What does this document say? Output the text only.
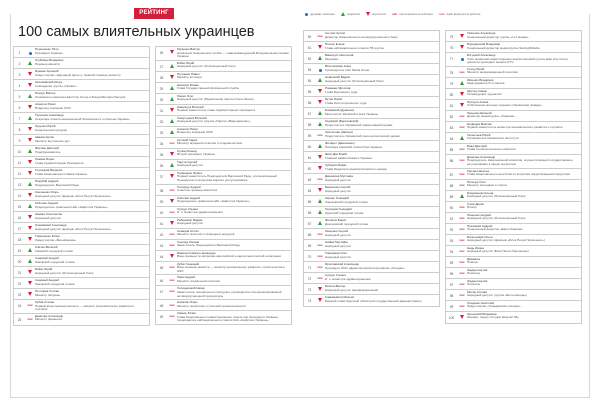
РЕЙТИНГ
100 самых влиятельных украинцев
удержал позицию	поднялся	опустился new new впервые в рейтинге back back вернулся в рейтинг
1
Порошенко Пётр
Президент Украины
2
Гройсман Владимир
Премьер-министр
3
Яценюк Арсений
Лидер партии «Народный фронт», бывший премьер-министр
4
Коломойский Игорь
Совладелец группы «Приват»
5
Пинчук Виктор
Основатель компании East One Group и Фонда Виктора Пинчука
6
Ахметов Ринат
Владелец компании SCM
7
Турчинов Александр
Секретарь Совета национальной безопасности и обороны Украины
8
Луценко Юрий
Генеральный прокурор
9
Аваков Арсен
Министр внутренних дел
10
Фирташ Дмитрий
Предприниматель
11
Ложкин Борис
Глава Администрации Президента
12
Гонтарева Валерия
Глава Национального банка Украины
13
Парубий Андрей
Председатель Верховной Рады
14
Кононенко Игорь
Народный депутат фракции «Блок Петра Порошенко»
15
Коболев Андрей
Председатель правления НАК «Нафтогаз Украины»
16
Жеваго Константин
Народный депутат
17
Грановский Александр
Народный депутат фракции «Блок Петра Порошенко»
18
Тимошенко Юлия
Лидер партии «Батьківщина»
19
Кличко Виталий
Киевский городской голова
20
Садовый Андрей
Львовский городской голова
21
Бойко Юрий
Народный депутат (Оппозиционный блок)
22
Садовый Андрей
Львовский городской голова
23
Полторак Степан
Министр обороны
24	new
Кубив Степан
Первый вице-премьер-министр — министр экономического развития и торговли
25	new
Данилюк Александр
Министр финансов
26
Муженко Виктор
Начальник Генерального штаба — главнокомандующий Вооруженными силами Украины
27
Бойко Юрий
Народный депутат (Оппозиционный блок)
28
Петренко Павел
Министр юстиции
29
Насиров Роман
Глава Государственной фискальной службы
30
Ляшко Олег
Народный депутат (Радикальная партия Олега Ляшко)
31
Ковальчук Виталий
Первый заместитель главы Администрации президента
32
Хомутынник Виталий
Народный депутат (группа «Партия «Відродження»)
33
Ахметов Ринат
Владелец компании SCM
34	new
Кутовой Тарас
Министр аграрной политики и продовольствия
35
Кучма Леонид
Второй президент Украины
36
Тарута Сергей
Народный депутат
37
Геращенко Ирина
Первый заместитель Председателя Верховной Рады, уполномоченный Президента по вопросам мирного урегулирования
38	new
Гончарук Андрей
Советник премьер-министра
39
Коболев Андрей
Председатель правления НАК «Нафтогаз Украины»
40	new
Супрун Ульяна
И. о. министра здравоохранения
41
Рабинович Вадим
Народный депутат
42	new
Семерак Остап
Министр экологии и природных ресурсов
43	new
Сыроид Оксана
Заместитель Председателя Верховной Рады
44
Иванна Климпуш-Цинцадзе
Вице-премьер по вопросам европейской и евроатлантической интеграции
45	new
Зубко Геннадий
Вице-премьер-министр — министр регионального развития, строительства и ЖКХ
46	new
Рева Андрей
Министр социальной политики
47	new
Холодницкий Назар
Заместитель генерального прокурора, руководитель Специализированной антикоррупционной прокуратуры
48	new
Насалик Игорь
Министр энергетики и угольной промышленности
49	new
Коваль Юлия
Глава Национального инвестиционного совета при президенте Украины, председатель наблюдательного совета НАК «Нафтогаз Украины»
50	new
Сытник Артём
Директор Национального антикоррупционного бюро
51
Пинчук Елена
Глава наблюдательного совета ТВ-группы
52
Вакарчук Святослав
Музыкант
53
Веселовская Анна
Руководитель Inter Media Group
54
Новинский Вадим
Народный депутат (Оппозиционный блок)
55
Романюк Ярослав
Глава Верховного суда
56
Бутин Юрий
Глава Конституционного суда
57
Епифаний (Думенко)
Митрополит Киевский и всея Украины
58
Онуфрий (Березовский)
Предстоятель Украинской православной церкви
59	new
Святослав (Шевчук)
Предстоятель Украинской греко-католической церкви
60
Филарет (Денисенко)
Патриарх Киевский и всея Руси-Украины
61
Яков Дов Блайх
Главный раввин Киева и Украины
62
Чубаров Рефат
Глава Меджлиса крымскотатарского народа
63	new
Джемилев Мустафа
Народный депутат
64
Березенко Сергей
Народный депутат
65
Кернес Геннадий
Харьковский городской голова
66
Труханов Геннадий
Одесский городской голова
67
Филатов Борис
Днепровский городской голова
68	new
Лещенко Сергей
Народный депутат
69	new
Найем Мустафа
Народный депутат
70	new
Тимофеев Олег
Народный депутат
71	new
Ярославский Александр
Президент ООО «Девелоперская Корпорация «Холдинг»
72	new
Супрун Ульяна
И. о. министра здравоохранения
73
Балога Виктор
Народный депутат (внефракционный)
74
Саакашвили Михеил
Бывший глава Одесской областной государственной администрации
75
Ткаченко Александр
Генеральный директор группы «1+1 медиа»
76
Бородянский Владимир
Генеральный директор медиагруппы StarLightMedia
77
Богуцкий Александр
Член правления инвестиционно-консалтинговой группы East One Group, директор-президент канала ICTV
78	new
Стець Юрий
Министр информационной политики
79
Ивченко Владимир
Шеф-редактор 5-го канала
80
Шустер Савик
Телеведущий, журналист
81
Притула Алёна
Собственник интернет-издания «Украинская правда»
82	new
Лещенко Евгений
Директор медиагруппы «Украина»
83	new
Нефедов Максим
Первый заместитель министра экономического развития и торговли
84
Терентьев Юрий
Руководитель Украинского института
85	new
Бова Дмитрий
Глава Антимонопольного комитета
86	new
Данилюк Александр
Председатель Национальной комиссии, осуществляющей государственное регулирование в сфере энергетики
87	new
Корчак Наталья
Глава Национального агентства по вопросам предотвращения коррупции
88	new
Пальчук Олег
Министр молодёжи и спорта
89
Бондаренко Елена
Народный депутат (Оппозиционный блок)
90	new
Гусев Денис
Блогер
91	new
Пащенко Андрей
Народный депутат (Оппозиционный блок)
92	new
Пушкарёв Андрей
Генеральный директор «Евро-Украина»
93	new
Богатырёва Ольга
Народный депутат (фракция «Блок Петра Порошенко»)
94	new
Надь Ирина
Народный депутат (Блок Петра Порошенко)
95	new
Джамала
Певица
96	new
Жадан Сергей
Писатель
97	new
Жадан Сергей
Писатель
98	new
Мосин Степан
Народный депутат (группа «Воля народа»)
99	new
Гриценко Анатолий
Лидер партии «Гражданская позиция»
100
Зеленский Владимир
Шоумен, лидер «Студия Квартал 95»
